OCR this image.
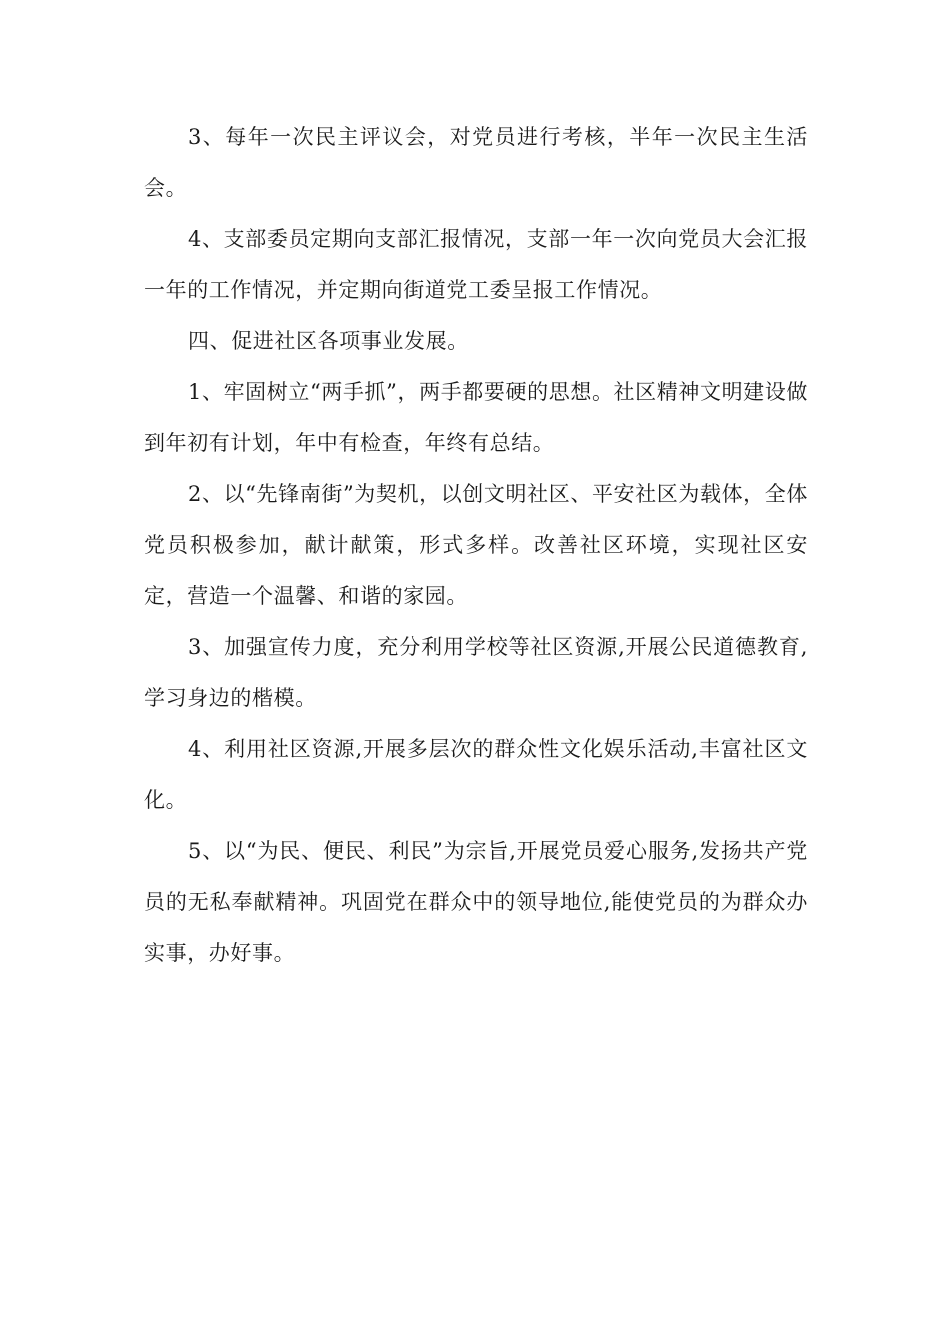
3、每年一次民主评议会，对党员进行考核，半年一次民主生活会。

4、支部委员定期向支部汇报情况，支部一年一次向党员大会汇报一年的工作情况，并定期向街道党工委呈报工作情况。

四、促进社区各项事业发展。

1、牢固树立“两手抓”，两手都要硬的思想。社区精神文明建设做到年初有计划，年中有检查，年终有总结。

2、以“先锋南街”为契机，以创文明社区、平安社区为载体，全体党员积极参加，献计献策，形式多样。改善社区环境，实现社区安定，营造一个温馨、和谐的家园。

3、加强宣传力度，充分利用学校等社区资源,开展公民道德教育,学习身边的楷模。

4、利用社区资源,开展多层次的群众性文化娱乐活动,丰富社区文化。

5、以“为民、便民、利民”为宗旨,开展党员爱心服务,发扬共产党员的无私奉献精神。巩固党在群众中的领导地位,能使党员的为群众办实事，办好事。
